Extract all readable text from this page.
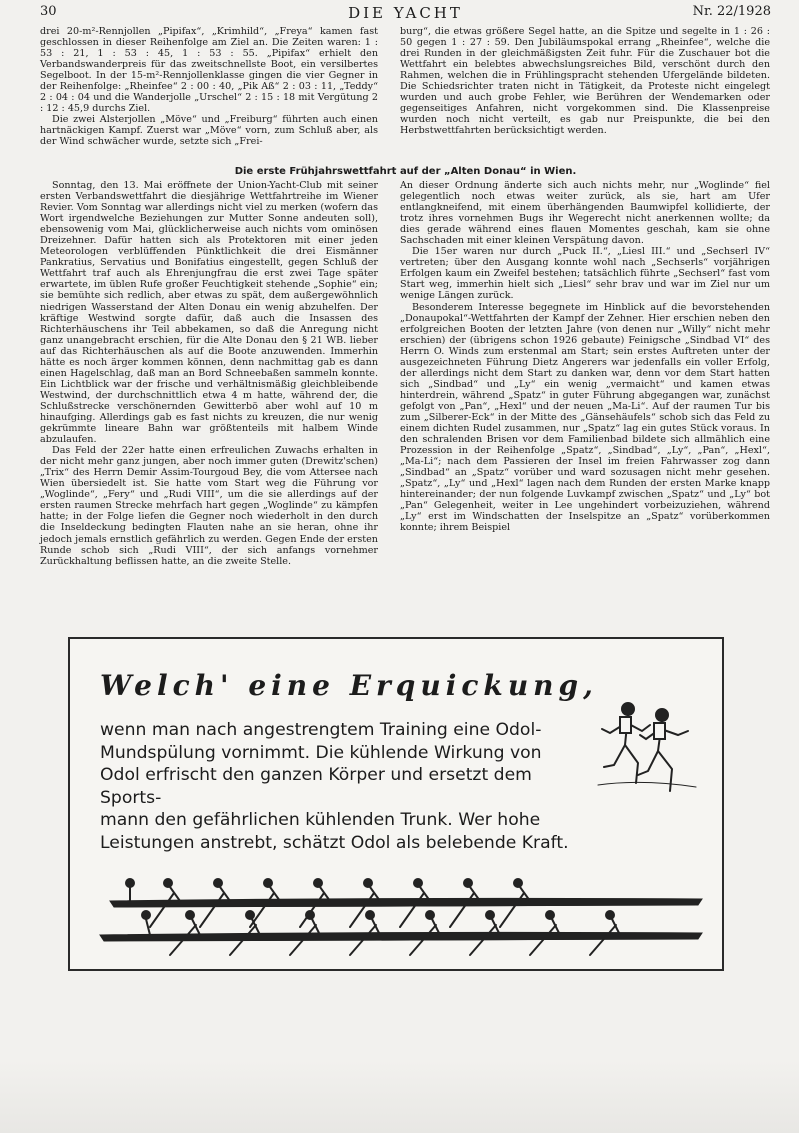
30	DIE YACHT	Nr. 22/1928

drei 20-m²-Rennjollen „Pipifax“, „Krimhild“, „Freya“ kamen fast geschlossen in dieser Reihenfolge am Ziel an. Die Zeiten waren: 1 : 53 : 21, 1 : 53 : 45, 1 : 53 : 55. „Pipifax“ erhielt den Verbandswanderpreis für das zweitschnellste Boot, ein versilbertes Segelboot. In der 15-m²-Rennjollenklasse gingen die vier Gegner in der Reihenfolge: „Rheinfee“ 2 : 00 : 40, „Pik Aß“ 2 : 03 : 11, „Teddy“ 2 : 04 : 04 und die Wanderjolle „Urschel“ 2 : 15 : 18 mit Vergütung 2 : 12 : 45,9 durchs Ziel.

Die zwei Alsterjollen „Möve“ und „Freiburg“ führten auch einen hartnäckigen Kampf. Zuerst war „Möve“ vorn, zum Schluß aber, als der Wind schwächer wurde, setzte sich „Frei-

burg“, die etwas größere Segel hatte, an die Spitze und segelte in 1 : 26 : 50 gegen 1 : 27 : 59. Den Jubiläumspokal errang „Rheinfee“, welche die drei Runden in der gleichmäßigsten Zeit fuhr. Für die Zuschauer bot die Wettfahrt ein belebtes abwechslungsreiches Bild, verschönt durch den Rahmen, welchen die in Frühlingspracht stehenden Ufergelände bildeten. Die Schiedsrichter traten nicht in Tätigkeit, da Proteste nicht eingelegt wurden und auch grobe Fehler, wie Berühren der Wendemarken oder gegenseitiges Anfahren, nicht vorgekommen sind. Die Klassenpreise wurden noch nicht verteilt, es gab nur Preispunkte, die bei den Herbstwettfahrten berücksichtigt werden.

Die erste Frühjahrswettfahrt auf der „Alten Donau“ in Wien.

Sonntag, den 13. Mai eröffnete der Union-Yacht-Club mit seiner ersten Verbandswettfahrt die diesjährige Wettfahrtreihe im Wiener Revier. Vom Sonntag war allerdings nicht viel zu merken (wofern das Wort irgendwelche Beziehungen zur Mutter Sonne andeuten soll), ebensowenig vom Mai, glücklicherweise auch nichts vom ominösen Dreizehner. Dafür hatten sich als Protektoren mit einer jeden Meteorologen verblüffenden Pünktlichkeit die drei Eismänner Pankratius, Servatius und Bonifatius eingestellt, gegen Schluß der Wettfahrt traf auch als Ehrenjungfrau die erst zwei Tage später erwartete, im üblen Rufe großer Feuchtigkeit stehende „Sophie“ ein; sie bemühte sich redlich, aber etwas zu spät, dem außergewöhnlich niedrigen Wasserstand der Alten Donau ein wenig abzuhelfen. Der kräftige Westwind sorgte dafür, daß auch die Insassen des Richterhäuschens ihr Teil abbekamen, so daß die Anregung nicht ganz unangebracht erschien, für die Alte Donau den § 21 WB. lieber auf das Richterhäuschen als auf die Boote anzuwenden. Immerhin hätte es noch ärger kommen können, denn nachmittag gab es dann einen Hagelschlag, daß man an Bord Schneebaßen sammeln konnte. Ein Lichtblick war der frische und verhältnismäßig gleichbleibende Westwind, der durchschnittlich etwa 4 m hatte, während der, die Schlußstrecke verschönernden Gewitterbö aber wohl auf 10 m hinaufging. Allerdings gab es fast nichts zu kreuzen, die nur wenig gekrümmte lineare Bahn war größtenteils mit halbem Winde abzulaufen.

Das Feld der 22er hatte einen erfreulichen Zuwachs erhalten in der nicht mehr ganz jungen, aber noch immer guten (Drewitz'schen) „Trix“ des Herrn Demir Assim-Tourgoud Bey, die vom Attersee nach Wien übersiedelt ist. Sie hatte vom Start weg die Führung vor „Woglinde“, „Fery“ und „Rudi VIII“, um die sie allerdings auf der ersten raumen Strecke mehrfach hart gegen „Woglinde“ zu kämpfen hatte; in der Folge liefen die Gegner noch wiederholt in den durch die Inseldeckung bedingten Flauten nahe an sie heran, ohne ihr jedoch jemals ernstlich gefährlich zu werden. Gegen Ende der ersten Runde schob sich „Rudi VIII“, der sich anfangs vornehmer Zurückhaltung beflissen hatte, an die zweite Stelle.

An dieser Ordnung änderte sich auch nichts mehr, nur „Woglinde“ fiel gelegentlich noch etwas weiter zurück, als sie, hart am Ufer entlangkneifend, mit einem überhängenden Baumwipfel kollidierte, der trotz ihres vornehmen Bugs ihr Wegerecht nicht anerkennen wollte; da dies gerade während eines flauen Momentes geschah, kam sie ohne Sachschaden mit einer kleinen Verspätung davon.

Die 15er waren nur durch „Puck II.“, „Liesl III.“ und „Sechserl IV“ vertreten; über den Ausgang konnte wohl nach „Sechserls“ vorjährigen Erfolgen kaum ein Zweifel bestehen; tatsächlich führte „Sechserl“ fast vom Start weg, immerhin hielt sich „Liesl“ sehr brav und war im Ziel nur um wenige Längen zurück.

Besonderem Interesse begegnete im Hinblick auf die bevorstehenden „Donaupokal“-Wettfahrten der Kampf der Zehner. Hier erschien neben den erfolgreichen Booten der letzten Jahre (von denen nur „Willy“ nicht mehr erschien) der (übrigens schon 1926 gebaute) Feinigsche „Sindbad VI“ des Herrn O. Winds zum erstenmal am Start; sein erstes Auftreten unter der ausgezeichneten Führung Dietz Angerers war jedenfalls ein voller Erfolg, der allerdings nicht dem Start zu danken war, denn vor dem Start hatten sich „Sindbad“ und „Ly“ ein wenig „vermaicht“ und kamen etwas hinterdrein, während „Spatz“ in guter Führung abgegangen war, zunächst gefolgt von „Pan“, „Hexl“ und der neuen „Ma-Li“. Auf der raumen Tur bis zum „Silberer-Eck“ in der Mitte des „Gänsehäufels“ schob sich das Feld zu einem dichten Rudel zusammen, nur „Spatz“ lag ein gutes Stück voraus. In den schralenden Brisen vor dem Familienbad bildete sich allmählich eine Prozession in der Reihenfolge „Spatz“, „Sindbad“, „Ly“, „Pan“, „Hexl“, „Ma-Li“; nach dem Passieren der Insel im freien Fahrwasser zog dann „Sindbad“ an „Spatz“ vorüber und ward sozusagen nicht mehr gesehen. „Spatz“, „Ly“ und „Hexl“ lagen nach dem Runden der ersten Marke knapp hintereinander; der nun folgende Luvkampf zwischen „Spatz“ und „Ly“ bot „Pan“ Gelegenheit, weiter in Lee ungehindert vorbeizuziehen, während „Ly“ erst im Windschatten der Inselspitze an „Spatz“ vorüberkommen konnte; ihrem Beispiel

Welch' eine Erquickung,
wenn man nach angestrengtem Training eine Odol-
Mundspülung vornimmt. Die kühlende Wirkung von
Odol erfrischt den ganzen Körper und ersetzt dem Sports-
mann den gefährlichen kühlenden Trunk. Wer hohe
Leistungen anstrebt, schätzt Odol als belebende Kraft.
